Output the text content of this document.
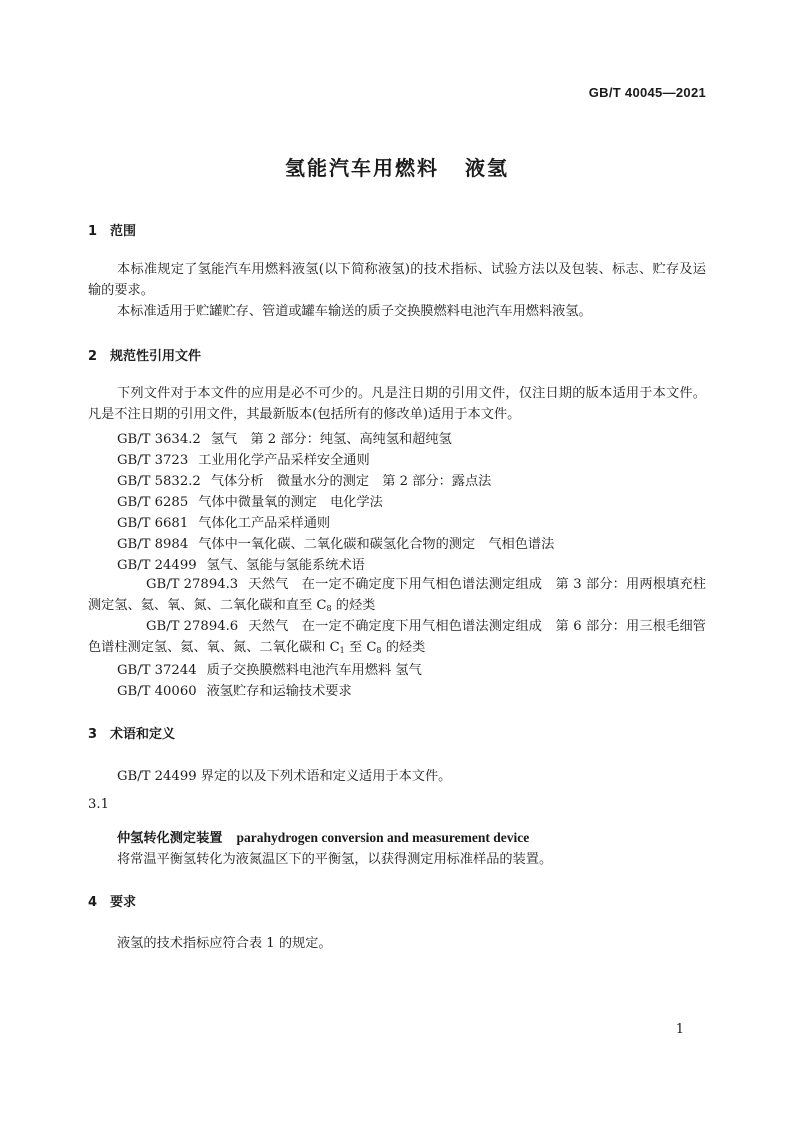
GB/T 40045—2021
氢能汽车用燃料 液氢
1 范围
本标准规定了氢能汽车用燃料液氢(以下简称液氢)的技术指标、试验方法以及包装、标志、贮存及运输的要求。
本标准适用于贮罐贮存、管道或罐车输送的质子交换膜燃料电池汽车用燃料液氢。
2 规范性引用文件
下列文件对于本文件的应用是必不可少的。凡是注日期的引用文件，仅注日期的版本适用于本文件。凡是不注日期的引用文件，其最新版本(包括所有的修改单)适用于本文件。
GB/T 3634.2 氢气　第 2 部分：纯氢、高纯氢和超纯氢
GB/T 3723 工业用化学产品采样安全通则
GB/T 5832.2 气体分析　微量水分的测定　第 2 部分：露点法
GB/T 6285 气体中微量氧的测定　电化学法
GB/T 6681 气体化工产品采样通则
GB/T 8984 气体中一氧化碳、二氧化碳和碳氢化合物的测定　气相色谱法
GB/T 24499 氢气、氢能与氢能系统术语
GB/T 27894.3 天然气　在一定不确定度下用气相色谱法测定组成　第 3 部分：用两根填充柱测定氢、氦、氧、氮、二氧化碳和直至 $C_8$ 的烃类
GB/T 27894.6 天然气　在一定不确定度下用气相色谱法测定组成　第 6 部分：用三根毛细管色谱柱测定氢、氦、氧、氮、二氧化碳和 $C_1$ 至 $C_8$ 的烃类
GB/T 37244 质子交换膜燃料电池汽车用燃料 氢气
GB/T 40060 液氢贮存和运输技术要求
3 术语和定义
GB/T 24499 界定的以及下列术语和定义适用于本文件。
3.1
仲氢转化测定装置 parahydrogen conversion and measurement device
将常温平衡氢转化为液氮温区下的平衡氢，以获得测定用标准样品的装置。
4 要求
液氢的技术指标应符合表 1 的规定。
1
